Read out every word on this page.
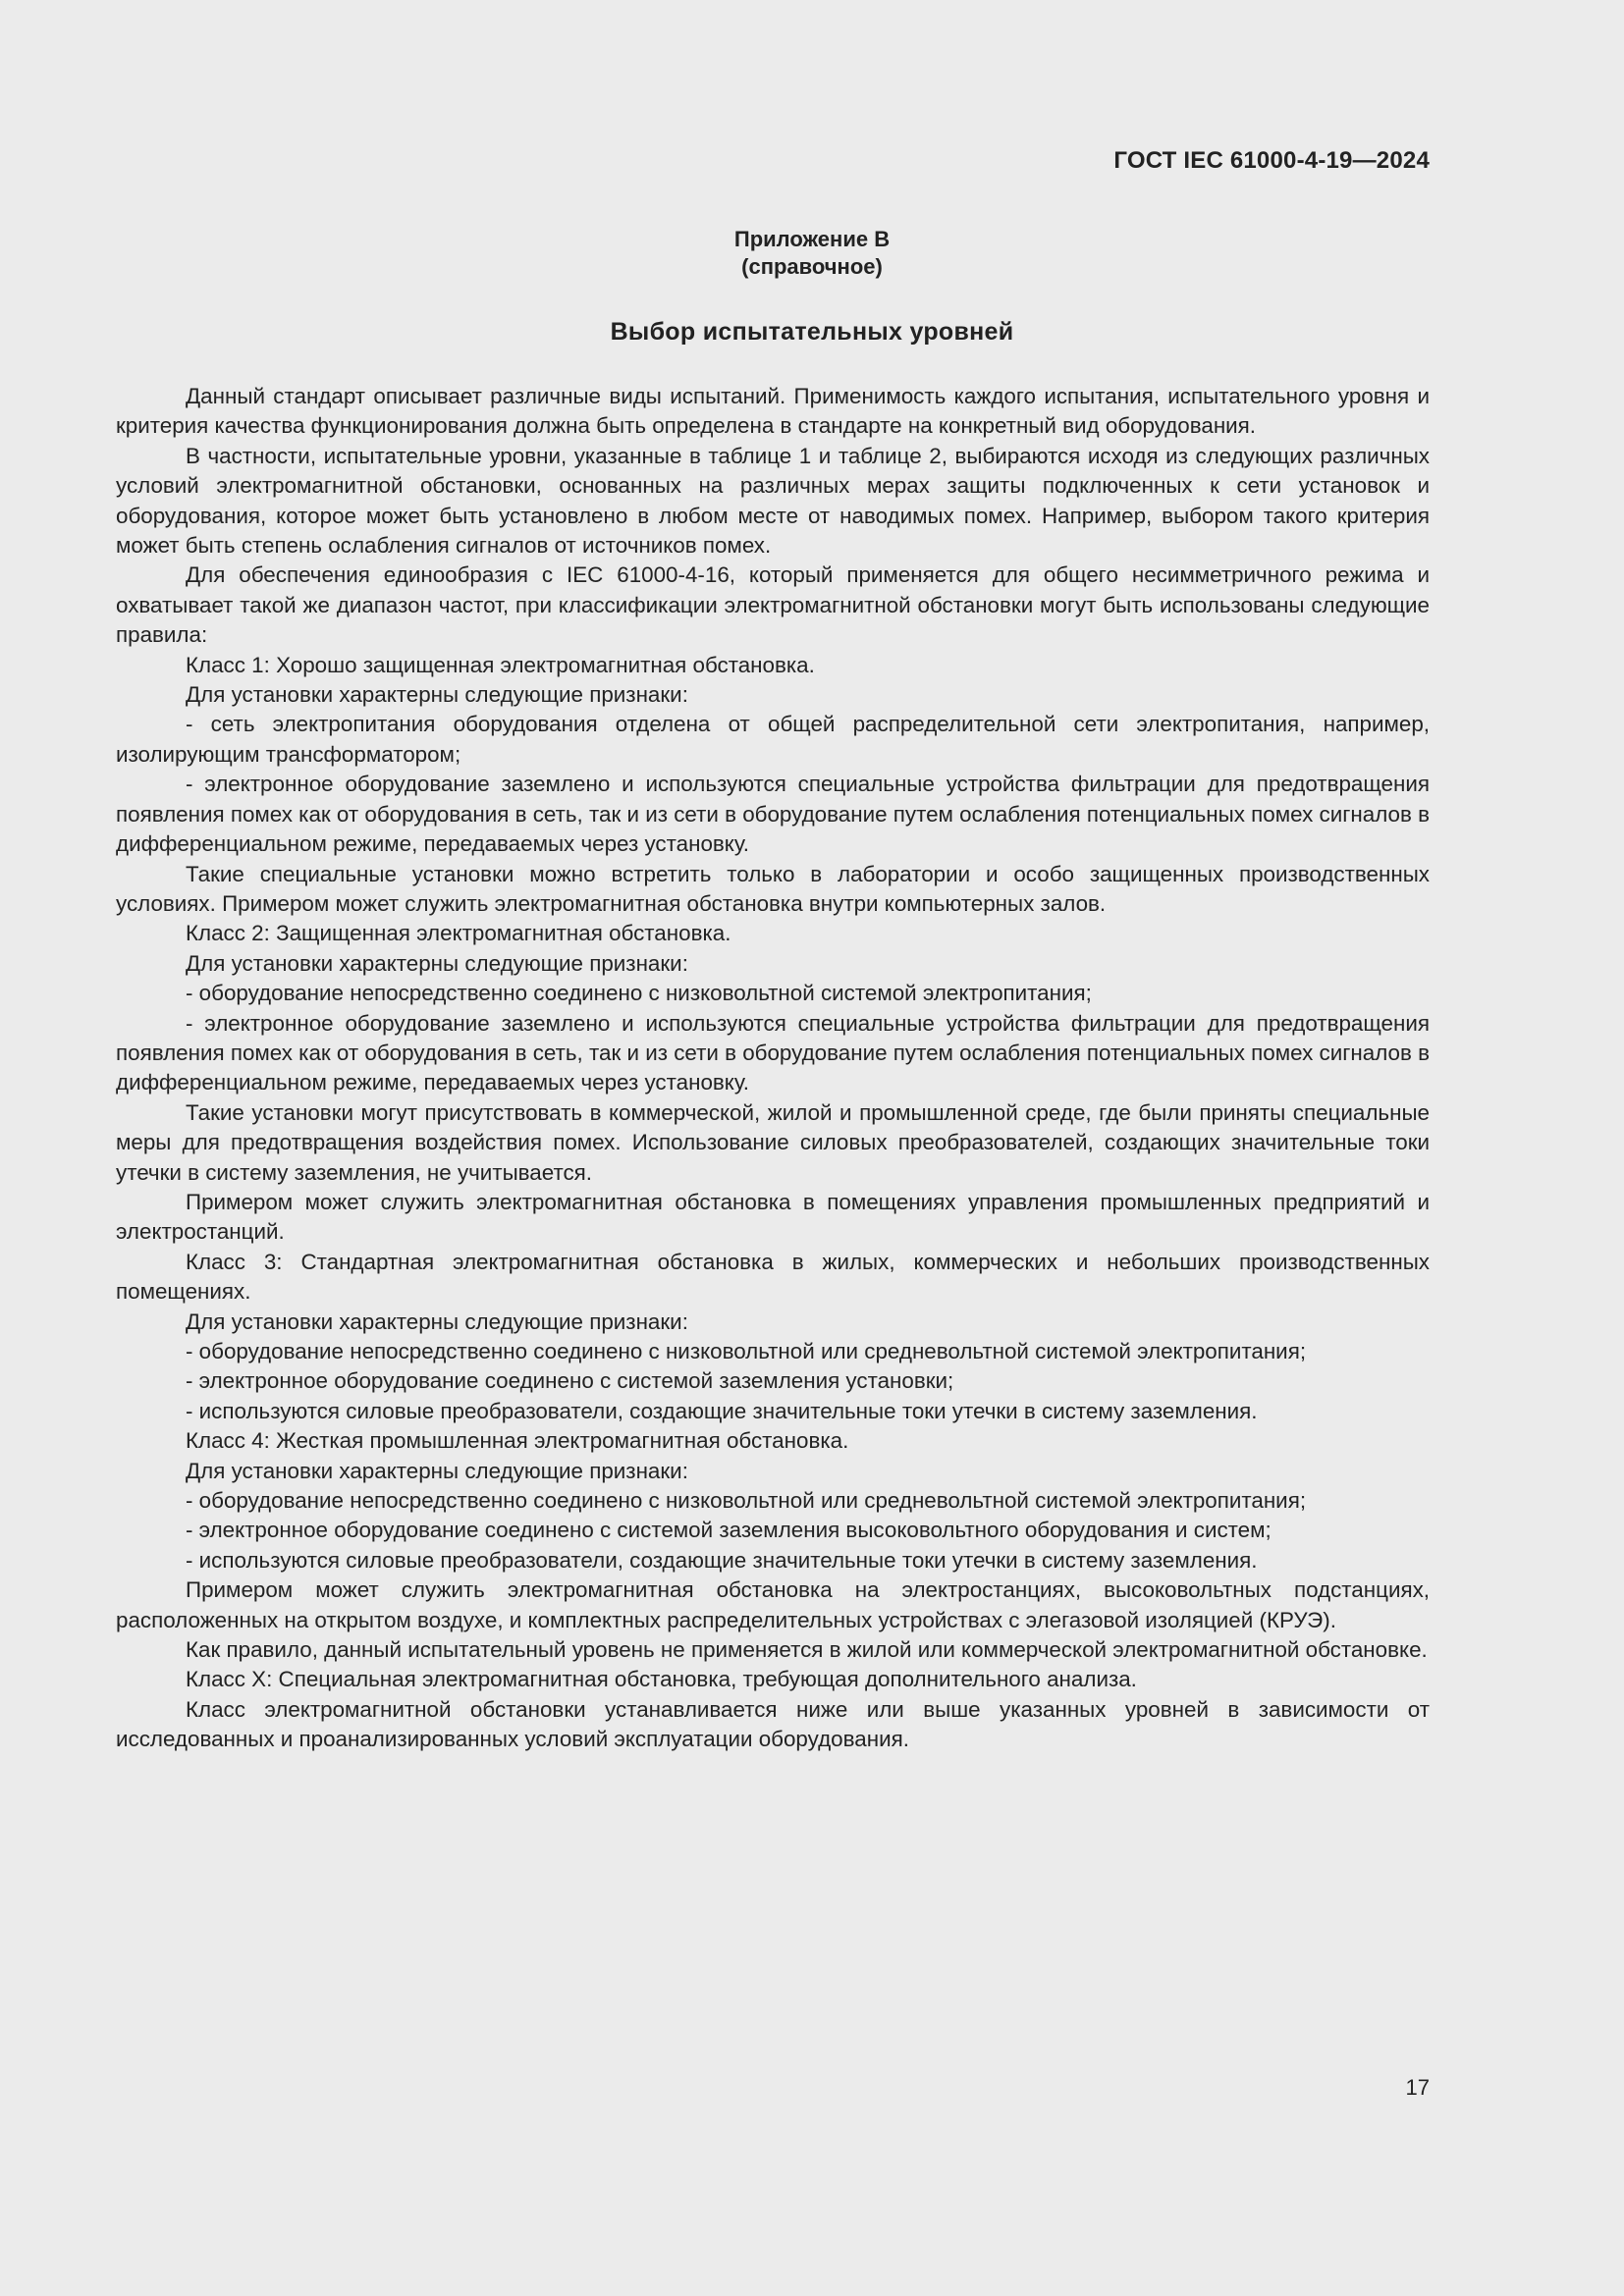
ГОСТ IEC 61000-4-19—2024
Приложение В
(справочное)
Выбор испытательных уровней

Данный стандарт описывает различные виды испытаний. Применимость каждого испытания, испытательного уровня и критерия качества функционирования должна быть определена в стандарте на конкретный вид оборудования.

В частности, испытательные уровни, указанные в таблице 1 и таблице 2, выбираются исходя из следующих различных условий электромагнитной обстановки, основанных на различных мерах защиты подключенных к сети установок и оборудования, которое может быть установлено в любом месте от наводимых помех. Например, выбором такого критерия может быть степень ослабления сигналов от источников помех.

Для обеспечения единообразия с IEC 61000-4-16, который применяется для общего несимметричного режима и охватывает такой же диапазон частот, при классификации электромагнитной обстановки могут быть использованы следующие правила:

Класс 1: Хорошо защищенная электромагнитная обстановка.

Для установки характерны следующие признаки:

- сеть электропитания оборудования отделена от общей распределительной сети электропитания, например, изолирующим трансформатором;

- электронное оборудование заземлено и используются специальные устройства фильтрации для предотвращения появления помех как от оборудования в сеть, так и из сети в оборудование путем ослабления потенциальных помех сигналов в дифференциальном режиме, передаваемых через установку.

Такие специальные установки можно встретить только в лаборатории и особо защищенных производственных условиях. Примером может служить электромагнитная обстановка внутри компьютерных залов.

Класс 2: Защищенная электромагнитная обстановка.

Для установки характерны следующие признаки:

- оборудование непосредственно соединено с низковольтной системой электропитания;

- электронное оборудование заземлено и используются специальные устройства фильтрации для предотвращения появления помех как от оборудования в сеть, так и из сети в оборудование путем ослабления потенциальных помех сигналов в дифференциальном режиме, передаваемых через установку.

Такие установки могут присутствовать в коммерческой, жилой и промышленной среде, где были приняты специальные меры для предотвращения воздействия помех. Использование силовых преобразователей, создающих значительные токи утечки в систему заземления, не учитывается.

Примером может служить электромагнитная обстановка в помещениях управления промышленных предприятий и электростанций.

Класс 3: Стандартная электромагнитная обстановка в жилых, коммерческих и небольших производственных помещениях.

Для установки характерны следующие признаки:

- оборудование непосредственно соединено с низковольтной или средневольтной системой электропитания;

- электронное оборудование соединено с системой заземления установки;

- используются силовые преобразователи, создающие значительные токи утечки в систему заземления.

Класс 4: Жесткая промышленная электромагнитная обстановка.

Для установки характерны следующие признаки:

- оборудование непосредственно соединено с низковольтной или средневольтной системой электропитания;

- электронное оборудование соединено с системой заземления высоковольтного оборудования и систем;

- используются силовые преобразователи, создающие значительные токи утечки в систему заземления.

Примером может служить электромагнитная обстановка на электростанциях, высоковольтных подстанциях, расположенных на открытом воздухе, и комплектных распределительных устройствах с элегазовой изоляцией (КРУЭ).

Как правило, данный испытательный уровень не применяется в жилой или коммерческой электромагнитной обстановке.

Класс X: Специальная электромагнитная обстановка, требующая дополнительного анализа.

Класс электромагнитной обстановки устанавливается ниже или выше указанных уровней в зависимости от исследованных и проанализированных условий эксплуатации оборудования.

17
